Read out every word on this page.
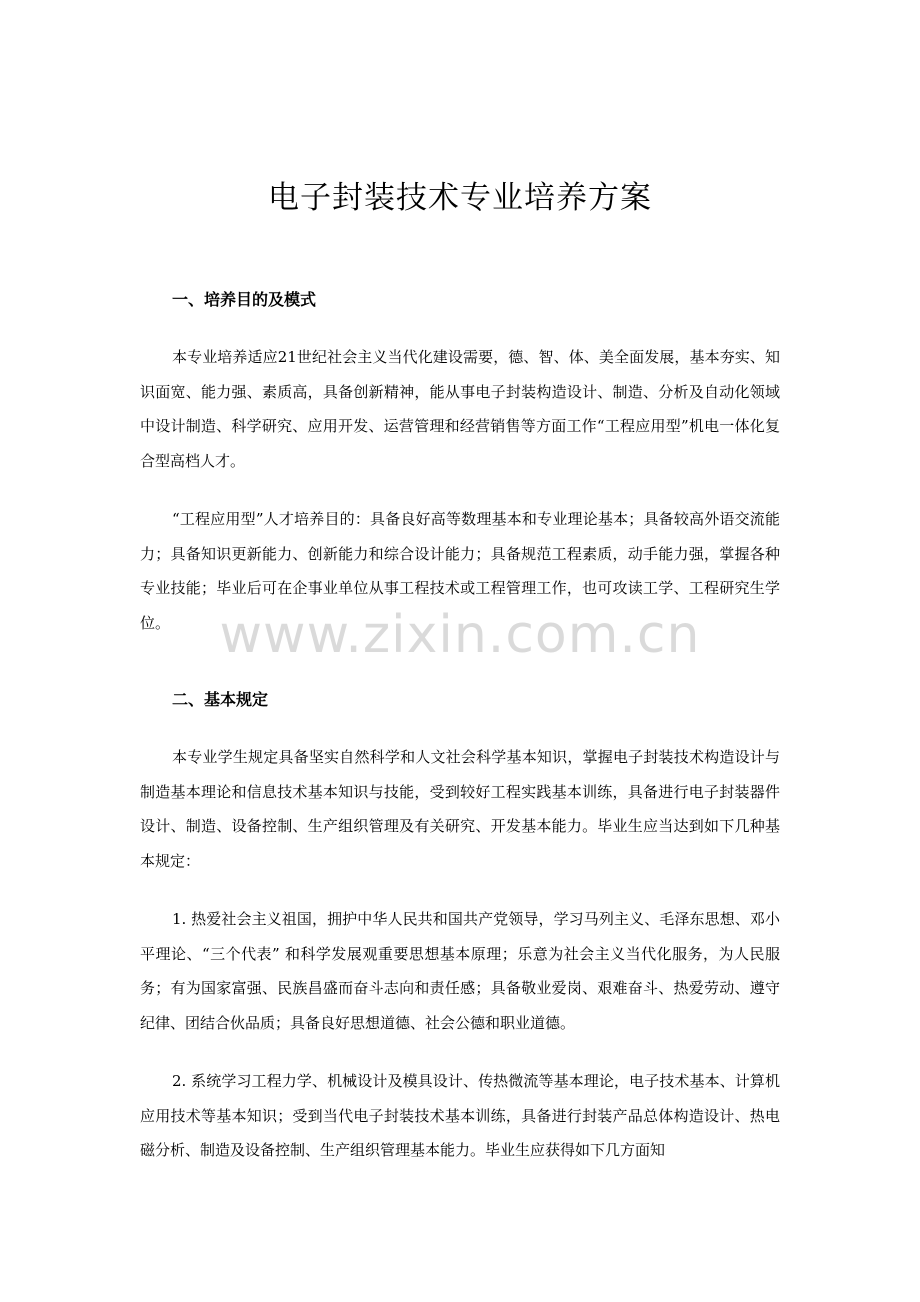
电子封装技术专业培养方案
一、培养目的及模式
本专业培养适应21世纪社会主义当代化建设需要，德、智、体、美全面发展，基本夯实、知识面宽、能力强、素质高，具备创新精神，能从事电子封装构造设计、制造、分析及自动化领域中设计制造、科学研究、应用开发、运营管理和经营销售等方面工作“工程应用型”机电一体化复合型高档人才。
“工程应用型”人才培养目的：具备良好高等数理基本和专业理论基本；具备较高外语交流能力；具备知识更新能力、创新能力和综合设计能力；具备规范工程素质，动手能力强，掌握各种专业技能；毕业后可在企事业单位从事工程技术或工程管理工作，也可攻读工学、工程研究生学位。
二、基本规定
本专业学生规定具备坚实自然科学和人文社会科学基本知识，掌握电子封装技术构造设计与制造基本理论和信息技术基本知识与技能，受到较好工程实践基本训练，具备进行电子封装器件设计、制造、设备控制、生产组织管理及有关研究、开发基本能力。毕业生应当达到如下几种基本规定：
1. 热爱社会主义祖国，拥护中华人民共和国共产党领导，学习马列主义、毛泽东思想、邓小平理论、“三个代表” 和科学发展观重要思想基本原理；乐意为社会主义当代化服务，为人民服务；有为国家富强、民族昌盛而奋斗志向和责任感；具备敬业爱岗、艰难奋斗、热爱劳动、遵守纪律、团结合伙品质；具备良好思想道德、社会公德和职业道德。
2. 系统学习工程力学、机械设计及模具设计、传热微流等基本理论，电子技术基本、计算机应用技术等基本知识；受到当代电子封装技术基本训练，具备进行封装产品总体构造设计、热电磁分析、制造及设备控制、生产组织管理基本能力。毕业生应获得如下几方面知
www.zixin.com.cn
